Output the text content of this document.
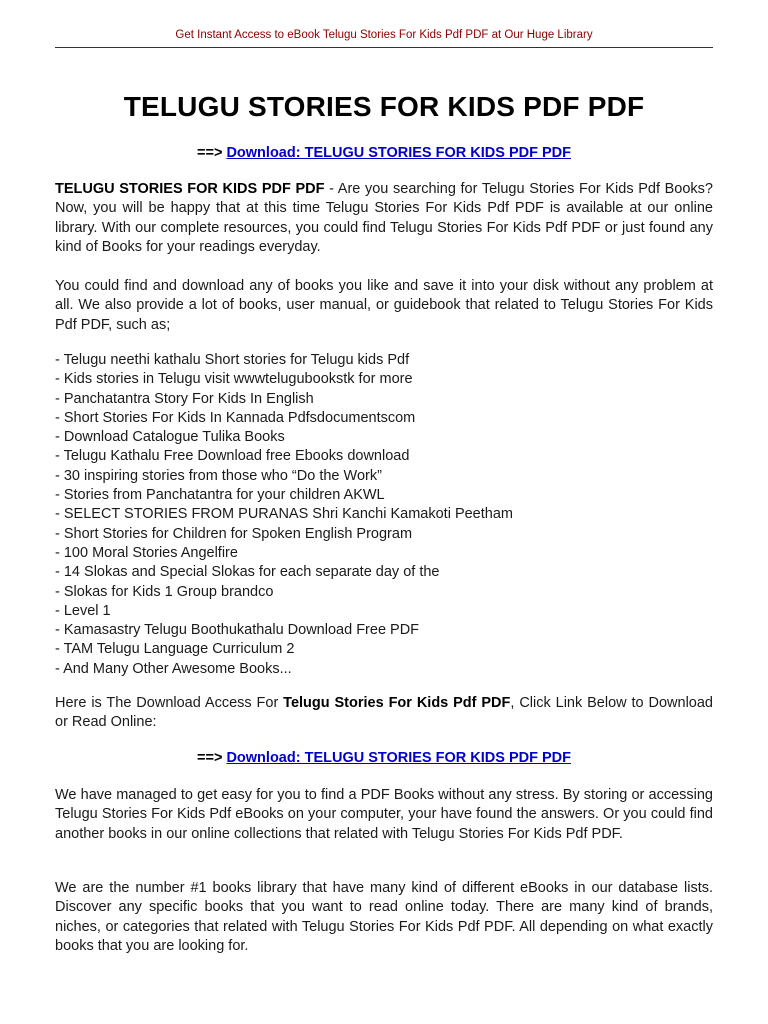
Get Instant Access to eBook Telugu Stories For Kids Pdf PDF at Our Huge Library
TELUGU STORIES FOR KIDS PDF PDF
==> Download: TELUGU STORIES FOR KIDS PDF PDF

TELUGU STORIES FOR KIDS PDF PDF - Are you searching for Telugu Stories For Kids Pdf Books? Now, you will be happy that at this time Telugu Stories For Kids Pdf PDF is available at our online library. With our complete resources, you could find Telugu Stories For Kids Pdf PDF or just found any kind of Books for your readings everyday.

You could find and download any of books you like and save it into your disk without any problem at all. We also provide a lot of books, user manual, or guidebook that related to Telugu Stories For Kids Pdf PDF, such as;

- Telugu neethi kathalu Short stories for Telugu kids Pdf
- Kids stories in Telugu visit wwwtelugubookstk for more
- Panchatantra Story For Kids In English
- Short Stories For Kids In Kannada Pdfsdocumentscom
- Download Catalogue Tulika Books
- Telugu Kathalu Free Download free Ebooks download
- 30 inspiring stories from those who “Do the Work”
- Stories from Panchatantra for your children AKWL
- SELECT STORIES FROM PURANAS Shri Kanchi Kamakoti Peetham
- Short Stories for Children for Spoken English Program
- 100 Moral Stories Angelfire
- 14 Slokas and Special Slokas for each separate day of the
- Slokas for Kids 1 Group brandco
- Level 1
- Kamasastry Telugu Boothukathalu Download Free PDF
- TAM Telugu Language Curriculum 2
- And Many Other Awesome Books...

Here is The Download Access For Telugu Stories For Kids Pdf PDF, Click Link Below to Download or Read Online:

==> Download: TELUGU STORIES FOR KIDS PDF PDF

We have managed to get easy for you to find a PDF Books without any stress. By storing or accessing Telugu Stories For Kids Pdf eBooks on your computer, your have found the answers. Or you could find another books in our online collections that related with Telugu Stories For Kids Pdf PDF.

We are the number #1 books library that have many kind of different eBooks in our database lists. Discover any specific books that you want to read online today. There are many kind of brands, niches, or categories that related with Telugu Stories For Kids Pdf PDF. All depending on what exactly books that you are looking for.
